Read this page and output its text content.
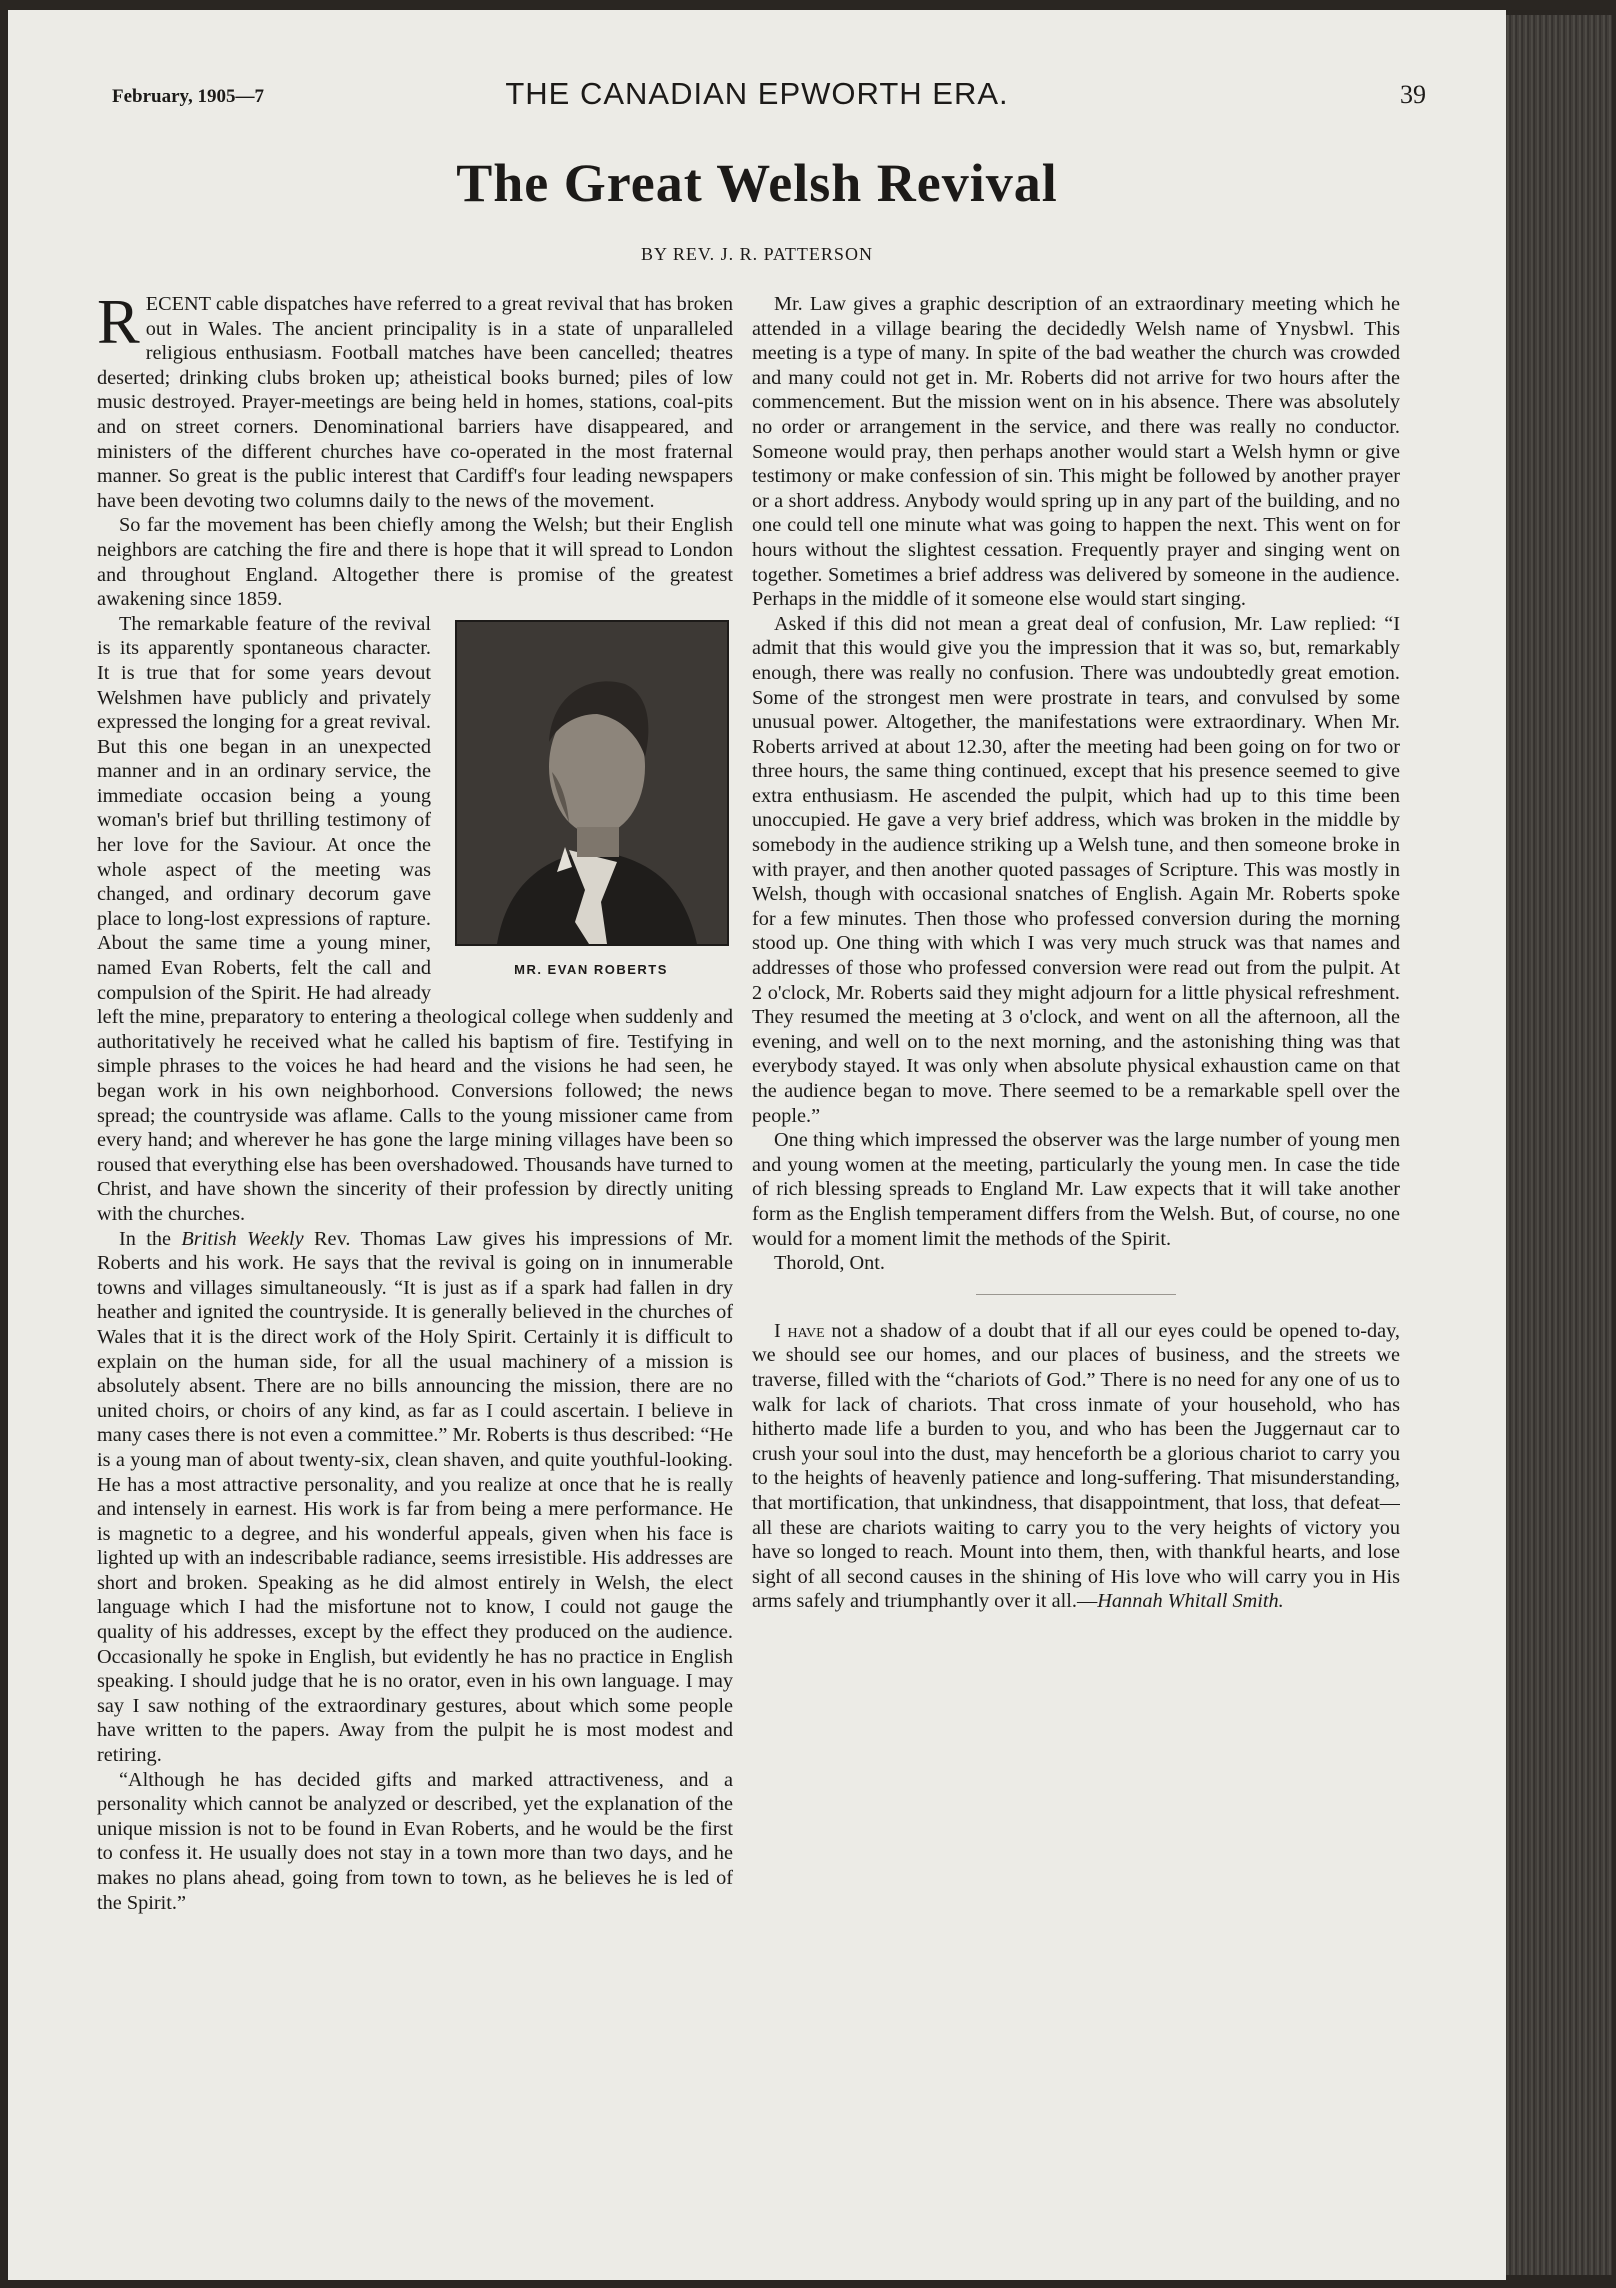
THE CANADIAN EPWORTH ERA.
February, 1905—7	39
The Great Welsh Revival
BY REV. J. R. PATTERSON

RECENT cable dispatches have referred to a great revival that has broken out in Wales. The ancient principality is in a state of unparalleled religious enthusiasm. Football matches have been cancelled; theatres deserted; drinking clubs broken up; atheistical books burned; piles of low music destroyed. Prayer-meetings are being held in homes, stations, coal-pits and on street corners. Denominational barriers have disappeared, and ministers of the different churches have co-operated in the most fraternal manner. So great is the public interest that Cardiff's four leading newspapers have been devoting two columns daily to the news of the movement.

So far the movement has been chiefly among the Welsh; but their English neighbors are catching the fire and there is hope that it will spread to London and throughout England. Altogether there is promise of the greatest awakening since 1859.

MR. EVAN ROBERTS
The remarkable feature of the revival is its apparently spontaneous character. It is true that for some years devout Welshmen have publicly and privately expressed the longing for a great revival. But this one began in an unexpected manner and in an ordinary service, the immediate occasion being a young woman's brief but thrilling testimony of her love for the Saviour. At once the whole aspect of the meeting was changed, and ordinary decorum gave place to long-lost expressions of rapture. About the same time a young miner, named Evan Roberts, felt the call and compulsion of the Spirit. He had already left the mine, preparatory to entering a theological college when suddenly and authoritatively he received what he called his baptism of fire. Testifying in simple phrases to the voices he had heard and the visions he had seen, he began work in his own neighborhood. Conversions followed; the news spread; the countryside was aflame. Calls to the young missioner came from every hand; and wherever he has gone the large mining villages have been so roused that everything else has been overshadowed. Thousands have turned to Christ, and have shown the sincerity of their profession by directly uniting with the churches.

In the British Weekly Rev. Thomas Law gives his impressions of Mr. Roberts and his work. He says that the revival is going on in innumerable towns and villages simultaneously. “It is just as if a spark had fallen in dry heather and ignited the countryside. It is generally believed in the churches of Wales that it is the direct work of the Holy Spirit. Certainly it is difficult to explain on the human side, for all the usual machinery of a mission is absolutely absent. There are no bills announcing the mission, there are no united choirs, or choirs of any kind, as far as I could ascertain. I believe in many cases there is not even a committee.” Mr. Roberts is thus described: “He is a young man of about twenty-six, clean shaven, and quite youthful-looking. He has a most attractive personality, and you realize at once that he is really and intensely in earnest. His work is far from being a mere performance. He is magnetic to a degree, and his wonderful appeals, given when his face is lighted up with an indescribable radiance, seems irresistible. His addresses are short and broken. Speaking as he did almost entirely in Welsh, the elect language which I had the misfortune not to know, I could not gauge the quality of his addresses, except by the effect they produced on the audience. Occasionally he spoke in English, but evidently he has no practice in English speaking. I should judge that he is no orator, even in his own language. I may say I saw nothing of the extraordinary gestures, about which some people have written to the papers. Away from the pulpit he is most modest and retiring.

“Although he has decided gifts and marked attractiveness, and a personality which cannot be analyzed or described, yet the explanation of the unique mission is not to be found in Evan Roberts, and he would be the first to confess it. He usually does not stay in a town more than two days, and he makes no plans ahead, going from town to town, as he believes he is led of the Spirit.”

Mr. Law gives a graphic description of an extraordinary meeting which he attended in a village bearing the decidedly Welsh name of Ynysbwl. This meeting is a type of many. In spite of the bad weather the church was crowded and many could not get in. Mr. Roberts did not arrive for two hours after the commencement. But the mission went on in his absence. There was absolutely no order or arrangement in the service, and there was really no conductor. Someone would pray, then perhaps another would start a Welsh hymn or give testimony or make confession of sin. This might be followed by another prayer or a short address. Anybody would spring up in any part of the building, and no one could tell one minute what was going to happen the next. This went on for hours without the slightest cessation. Frequently prayer and singing went on together. Sometimes a brief address was delivered by someone in the audience. Perhaps in the middle of it someone else would start singing.

Asked if this did not mean a great deal of confusion, Mr. Law replied: “I admit that this would give you the impression that it was so, but, remarkably enough, there was really no confusion. There was undoubtedly great emotion. Some of the strongest men were prostrate in tears, and convulsed by some unusual power. Altogether, the manifestations were extraordinary. When Mr. Roberts arrived at about 12.30, after the meeting had been going on for two or three hours, the same thing continued, except that his presence seemed to give extra enthusiasm. He ascended the pulpit, which had up to this time been unoccupied. He gave a very brief address, which was broken in the middle by somebody in the audience striking up a Welsh tune, and then someone broke in with prayer, and then another quoted passages of Scripture. This was mostly in Welsh, though with occasional snatches of English. Again Mr. Roberts spoke for a few minutes. Then those who professed conversion during the morning stood up. One thing with which I was very much struck was that names and addresses of those who professed conversion were read out from the pulpit. At 2 o'clock, Mr. Roberts said they might adjourn for a little physical refreshment. They resumed the meeting at 3 o'clock, and went on all the afternoon, all the evening, and well on to the next morning, and the astonishing thing was that everybody stayed. It was only when absolute physical exhaustion came on that the audience began to move. There seemed to be a remarkable spell over the people.”

One thing which impressed the observer was the large number of young men and young women at the meeting, particularly the young men. In case the tide of rich blessing spreads to England Mr. Law expects that it will take another form as the English temperament differs from the Welsh. But, of course, no one would for a moment limit the methods of the Spirit.

Thorold, Ont.

I have not a shadow of a doubt that if all our eyes could be opened to-day, we should see our homes, and our places of business, and the streets we traverse, filled with the “chariots of God.” There is no need for any one of us to walk for lack of chariots. That cross inmate of your household, who has hitherto made life a burden to you, and who has been the Juggernaut car to crush your soul into the dust, may henceforth be a glorious chariot to carry you to the heights of heavenly patience and long-suffering. That misunderstanding, that mortification, that unkindness, that disappointment, that loss, that defeat—all these are chariots waiting to carry you to the very heights of victory you have so longed to reach. Mount into them, then, with thankful hearts, and lose sight of all second causes in the shining of His love who will carry you in His arms safely and triumphantly over it all.—Hannah Whitall Smith.
